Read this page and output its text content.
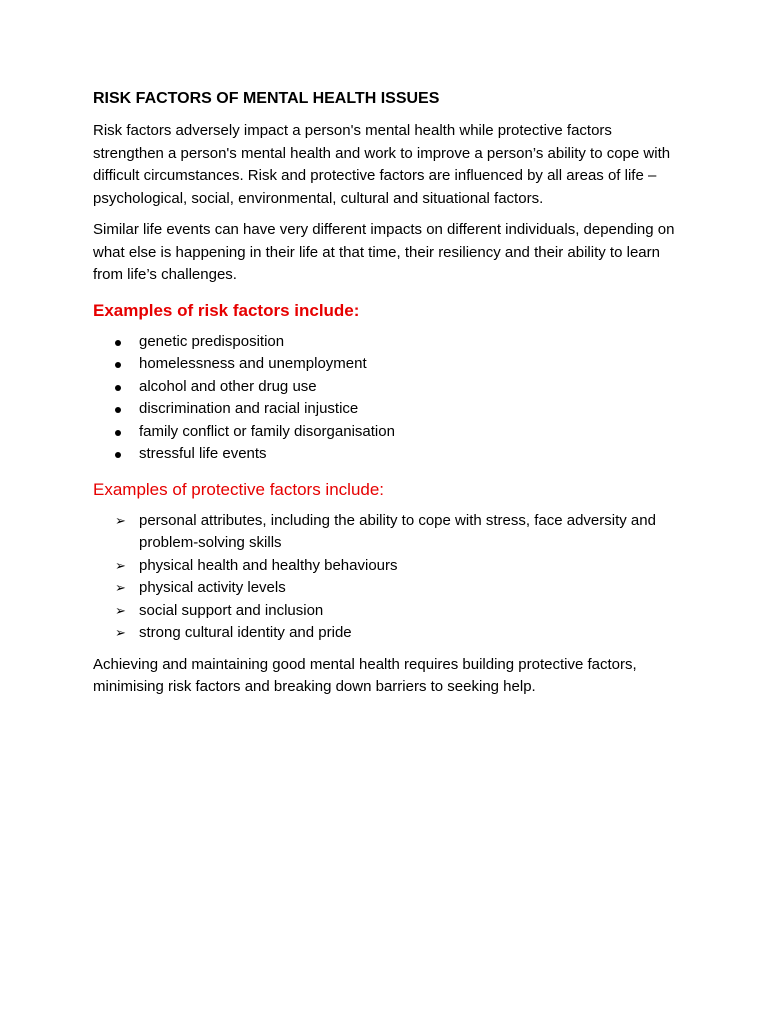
RISK FACTORS OF MENTAL HEALTH ISSUES

Risk factors adversely impact a person's mental health while protective factors strengthen a person's mental health and work to improve a person’s ability to cope with difficult circumstances. Risk and protective factors are influenced by all areas of life – psychological, social, environmental, cultural and situational factors.

Similar life events can have very different impacts on different individuals, depending on what else is happening in their life at that time, their resiliency and their ability to learn from life’s challenges.

Examples of risk factors include:
genetic predisposition
homelessness and unemployment
alcohol and other drug use
discrimination and racial injustice
family conflict or family disorganisation
stressful life events
Examples of protective factors include:
➢ personal attributes, including the ability to cope with stress, face adversity and problem-solving skills
➢ physical health and healthy behaviours
➢ physical activity levels
➢ social support and inclusion
➢ strong cultural identity and pride

Achieving and maintaining good mental health requires building protective factors, minimising risk factors and breaking down barriers to seeking help.
